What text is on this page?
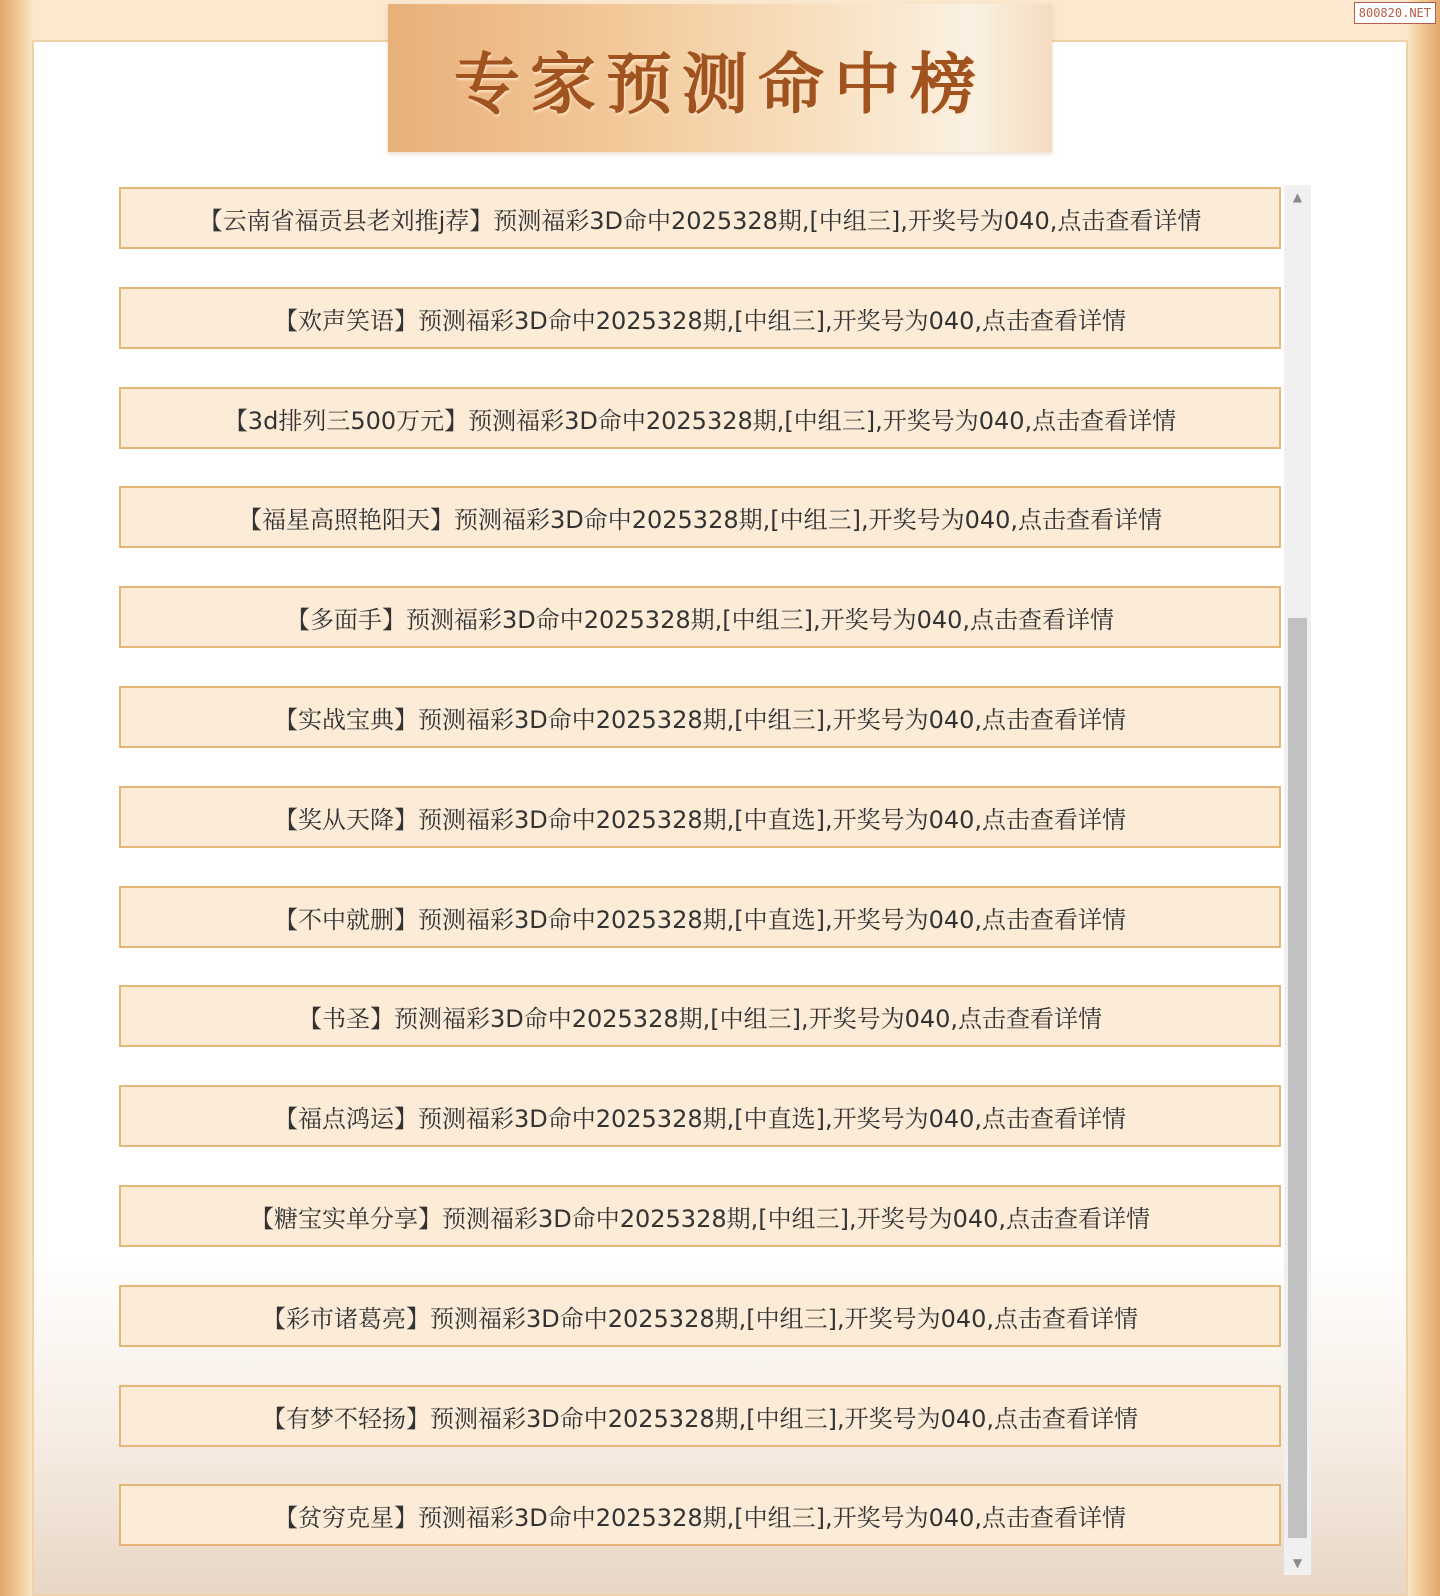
专家预测命中榜
800820.NET
【云南省福贡县老刘推j荐】预测福彩3D命中2025328期,[中组三],开奖号为040,点击查看详情
【欢声笑语】预测福彩3D命中2025328期,[中组三],开奖号为040,点击查看详情
【3d排列三500万元】预测福彩3D命中2025328期,[中组三],开奖号为040,点击查看详情
【福星高照艳阳天】预测福彩3D命中2025328期,[中组三],开奖号为040,点击查看详情
【多面手】预测福彩3D命中2025328期,[中组三],开奖号为040,点击查看详情
【实战宝典】预测福彩3D命中2025328期,[中组三],开奖号为040,点击查看详情
【奖从天降】预测福彩3D命中2025328期,[中直选],开奖号为040,点击查看详情
【不中就删】预测福彩3D命中2025328期,[中直选],开奖号为040,点击查看详情
【书圣】预测福彩3D命中2025328期,[中组三],开奖号为040,点击查看详情
【福点鸿运】预测福彩3D命中2025328期,[中直选],开奖号为040,点击查看详情
【糖宝实单分享】预测福彩3D命中2025328期,[中组三],开奖号为040,点击查看详情
【彩市诸葛亮】预测福彩3D命中2025328期,[中组三],开奖号为040,点击查看详情
【有梦不轻扬】预测福彩3D命中2025328期,[中组三],开奖号为040,点击查看详情
【贫穷克星】预测福彩3D命中2025328期,[中组三],开奖号为040,点击查看详情
▲
▼
